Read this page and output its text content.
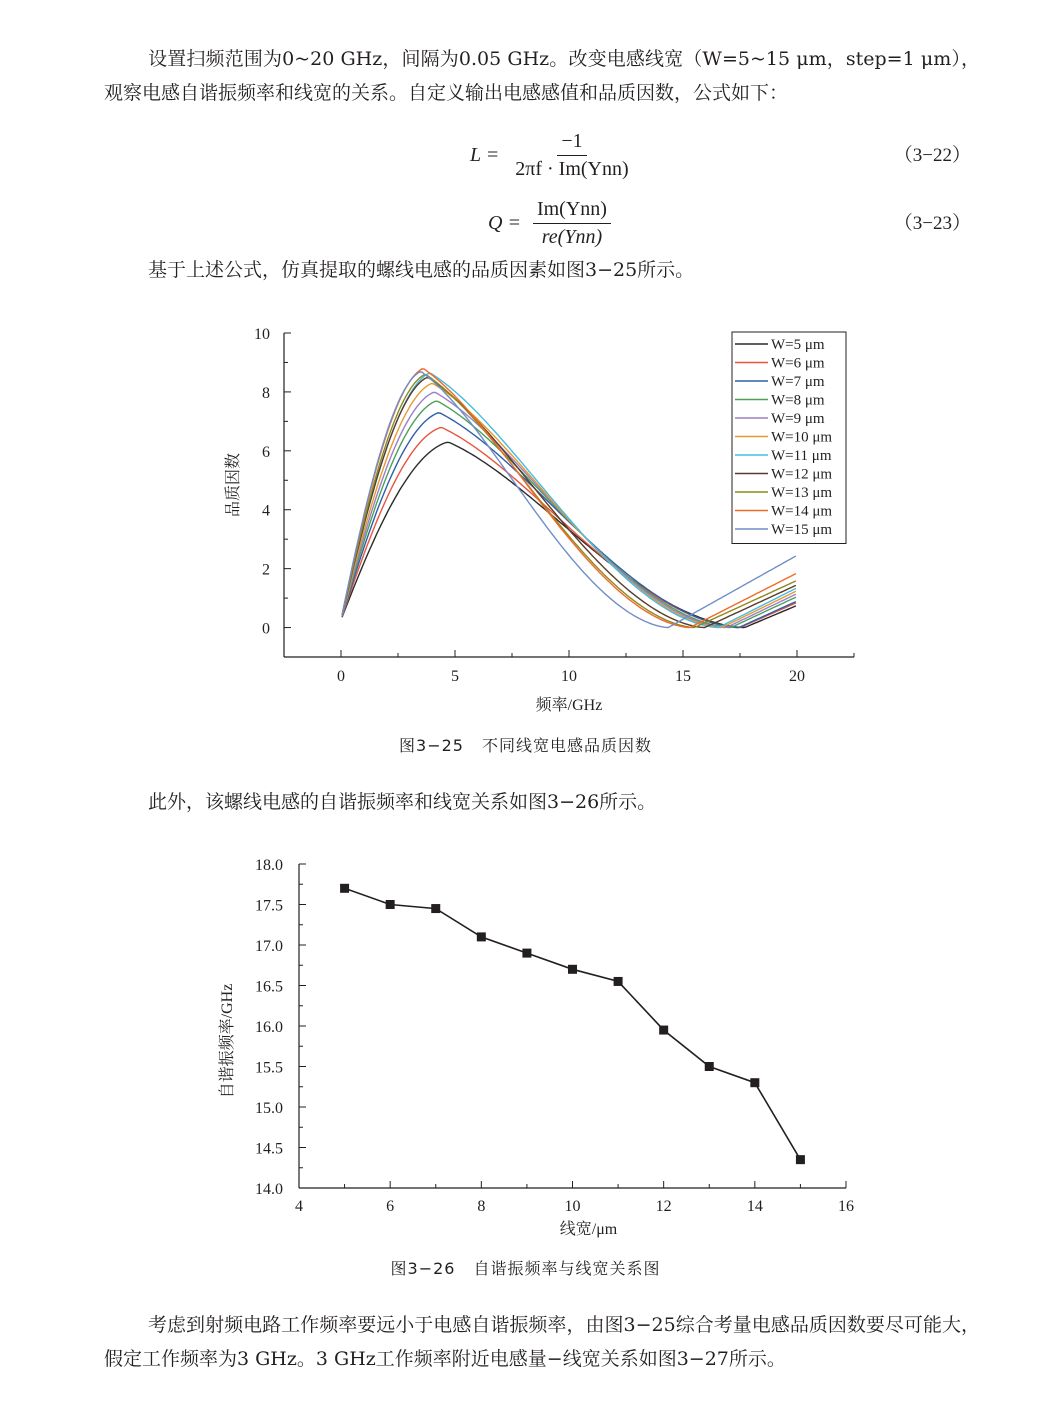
设置扫频范围为0~20 GHz，间隔为0.05 GHz。改变电感线宽（W=5~15 μm，step=1 μm），观察电感自谐振频率和线宽的关系。自定义输出电感感值和品质因数，公式如下：

$L = \frac{-1}{\text{2πf · Im(Ynn)}}$	（3−22）
$Q = \frac{\text{Im(Ynn)}}{\text{re(Ynn)}}$	（3−23）

基于上述公式，仿真提取的螺线电感的品质因素如图3−25所示。

0
2
4
6
8
10
0	5	10	15	20
频率/GHz
品质因数
W=5 μm
W=6 μm
W=7 μm
W=8 μm
W=9 μm
W=10 μm
W=11 μm
W=12 μm
W=13 μm
W=14 μm
W=15 μm
图3−25 不同线宽电感品质因数

此外，该螺线电感的自谐振频率和线宽关系如图3−26所示。

14.0
14.5
15.0
15.5
16.0
16.5
17.0
17.5
18.0
4	6	8	10	12	14	16
线宽/μm
自谐振频率/GHz
图3−26 自谐振频率与线宽关系图

考虑到射频电路工作频率要远小于电感自谐振频率，由图3−25综合考量电感品质因数要尽可能大，假定工作频率为3 GHz。3 GHz工作频率附近电感量−线宽关系如图3−27所示。
